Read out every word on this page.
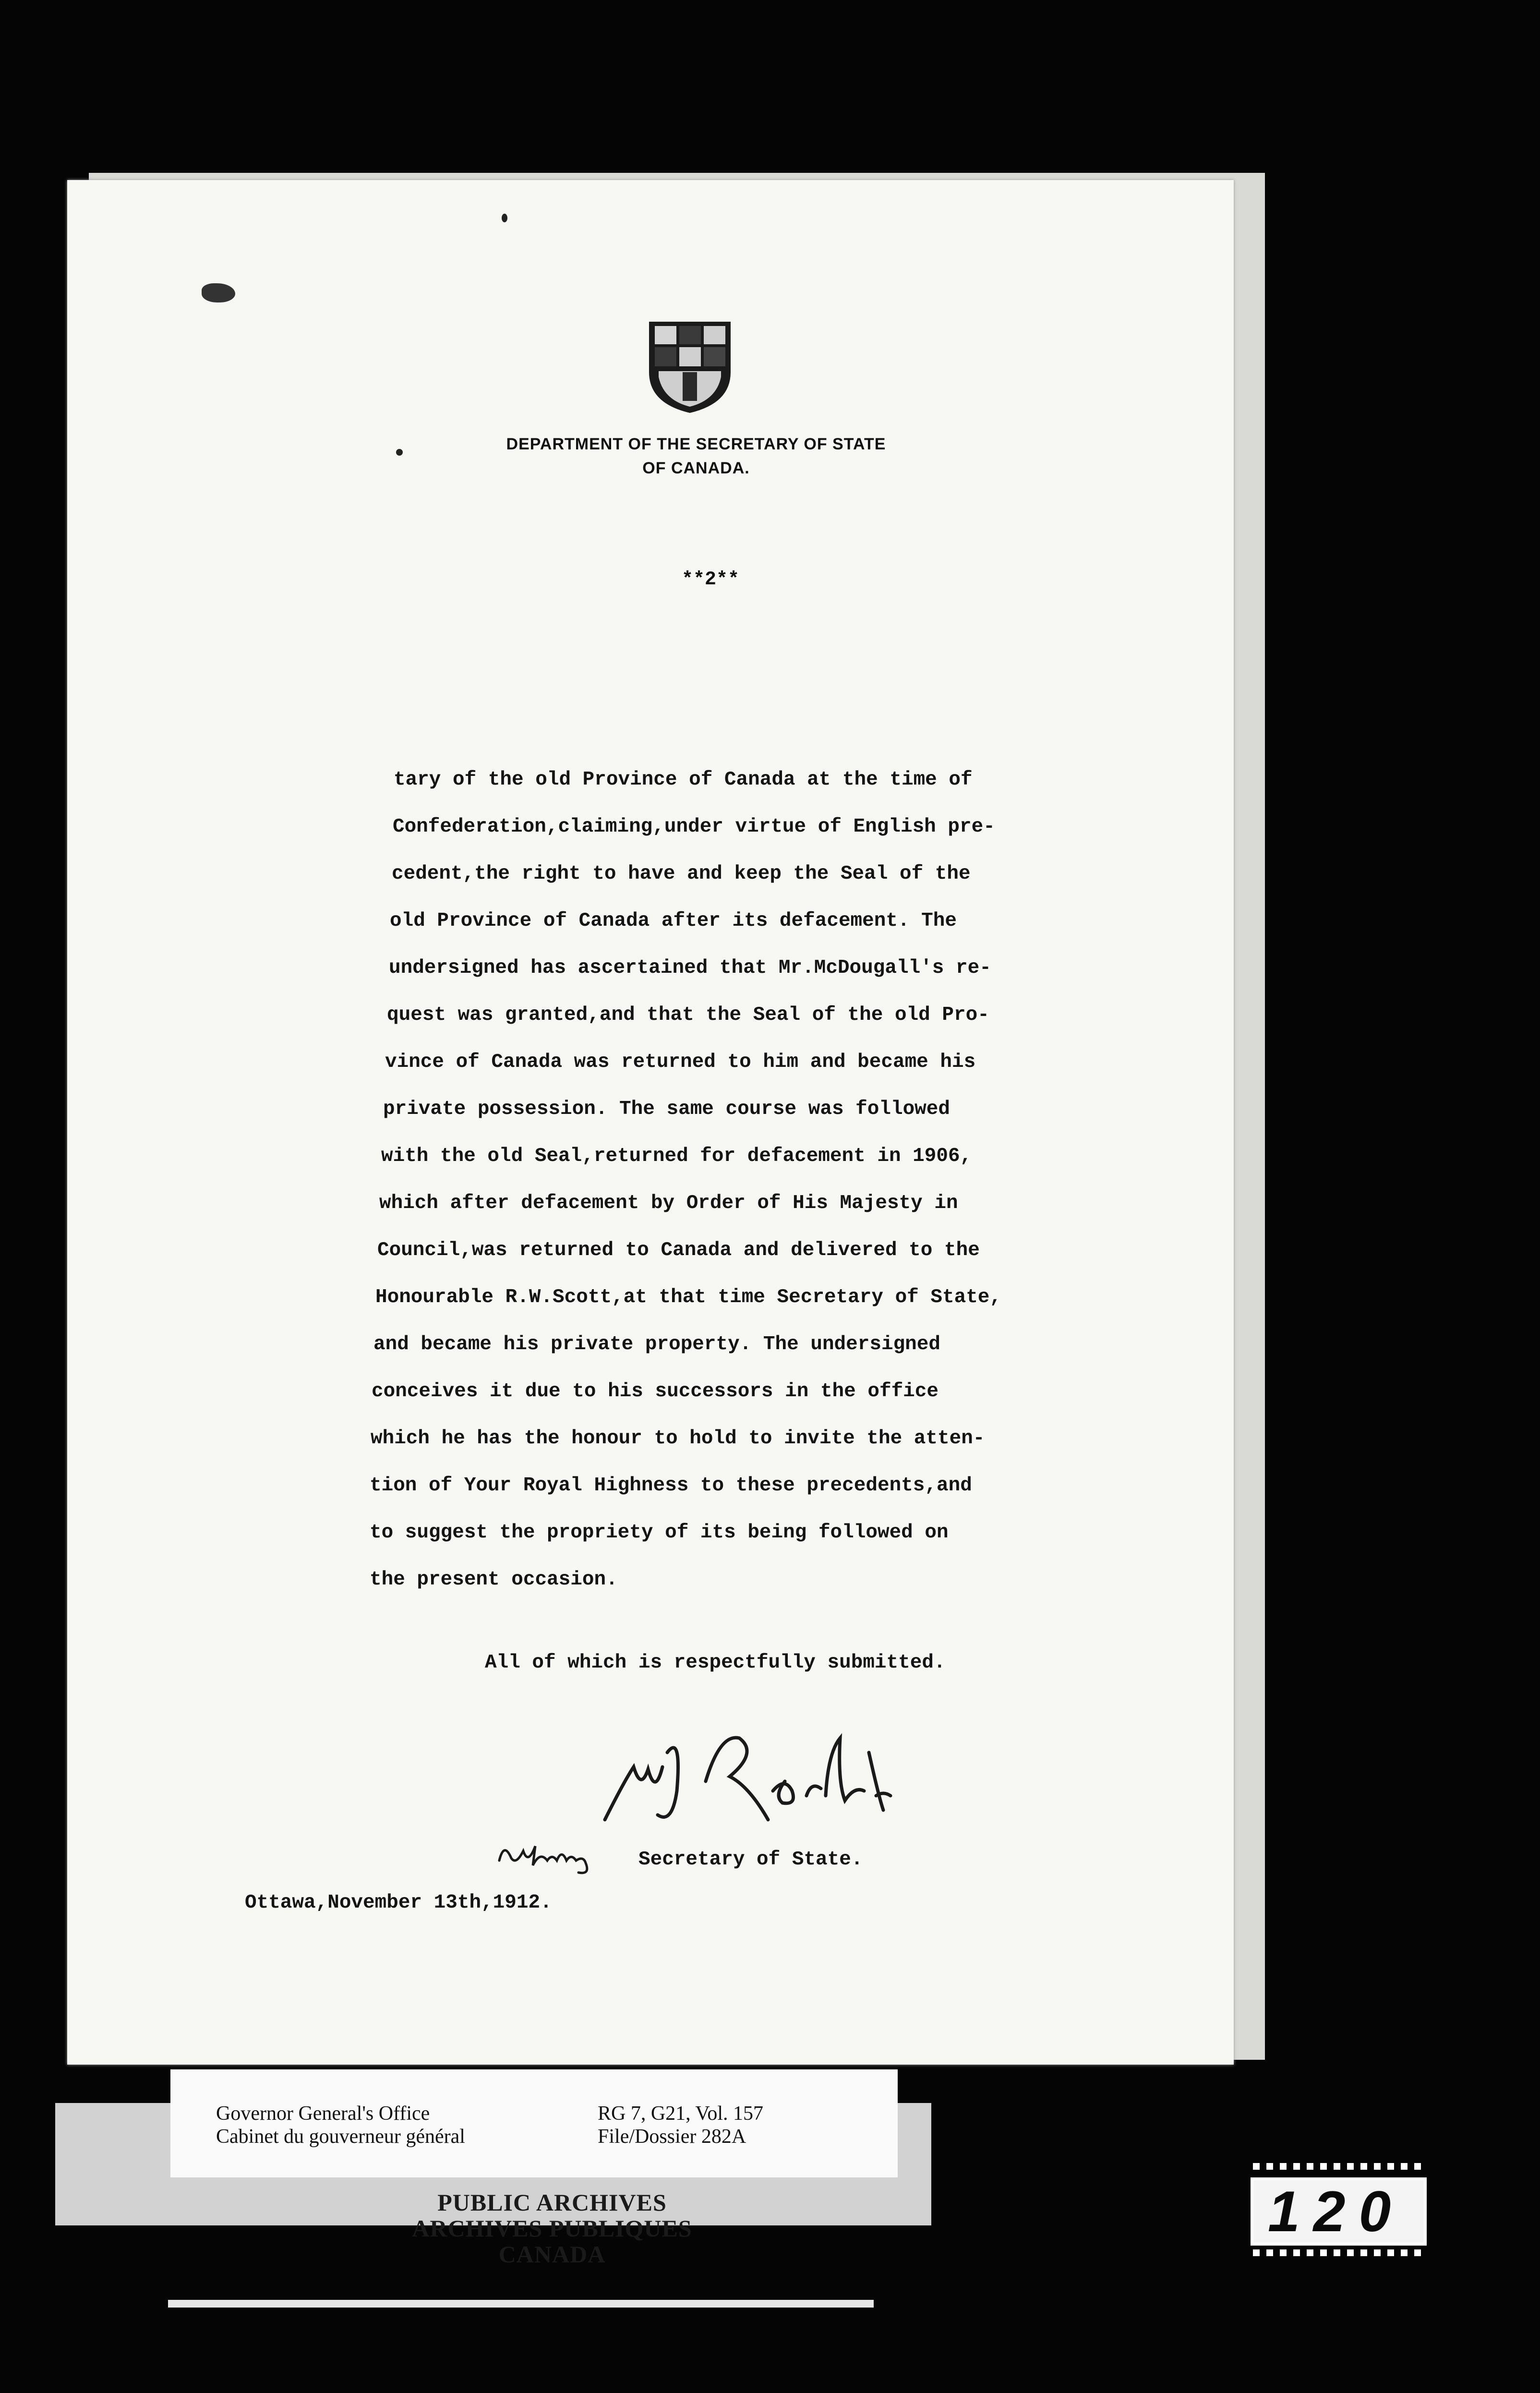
DEPARTMENT OF THE SECRETARY OF STATE
OF CANADA.
**2**
tary of the old Province of Canada at the time of
Confederation,claiming,under virtue of English pre-
cedent,the right to have and keep the Seal of the
old Province of Canada after its defacement. The
undersigned has ascertained that Mr.McDougall's re-
quest was granted,and that the Seal of the old Pro-
vince of Canada was returned to him and became his
private possession. The same course was followed
with the old Seal,returned for defacement in 1906,
which after defacement by Order of His Majesty in
Council,was returned to Canada and delivered to the
Honourable R.W.Scott,at that time Secretary of State,
and became his private property. The undersigned
conceives it due to his successors in the office
which he has the honour to hold to invite the atten-
tion of Your Royal Highness to these precedents,and
to suggest the propriety of its being followed on
the present occasion.
All of which is respectfully submitted.
Secretary of State.
Ottawa,November 13th,1912.
Governor General's Office
Cabinet du gouverneur général
RG 7, G21, Vol. 157
File/Dossier 282A
PUBLIC ARCHIVES
ARCHIVES PUBLIQUES
CANADA
120
